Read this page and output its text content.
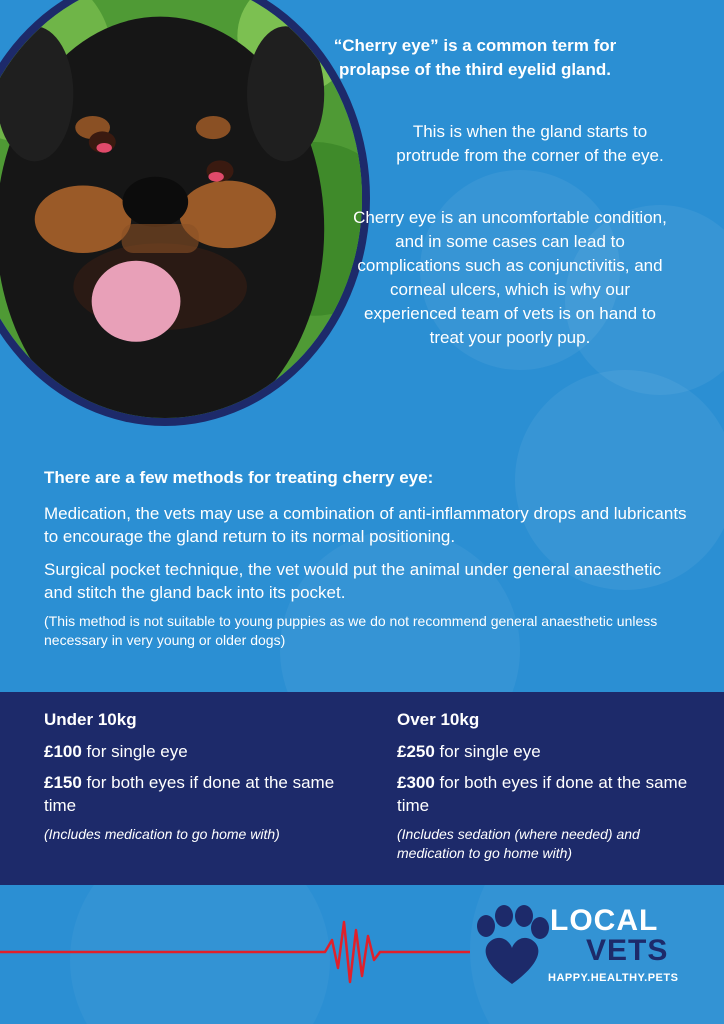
“Cherry eye” is a common term for prolapse of the third eyelid gland.
This is when the gland starts to protrude from the corner of the eye.
Cherry eye is an uncomfortable condition, and in some cases can lead to complications such as conjunctivitis, and corneal ulcers, which is why our experienced team of vets is on hand to treat your poorly pup.
There are a few methods for treating cherry eye:

Medication, the vets may use a combination of anti-inflammatory drops and lubricants to encourage the gland return to its normal positioning.

Surgical pocket technique, the vet would put the animal under general anaesthetic and stitch the gland back into its pocket.

(This method is not suitable to young puppies as we do not recommend general anaesthetic unless necessary in very young or older dogs)

Under 10kg
£100 for single eye
£150 for both eyes if done at the same time
(Includes medication to go home with)
Over 10kg
£250 for single eye
£300 for both eyes if done at the same time
(Includes sedation (where needed) and medication to go home with)
LOCAL
VETS
HAPPY.HEALTHY.PETS
